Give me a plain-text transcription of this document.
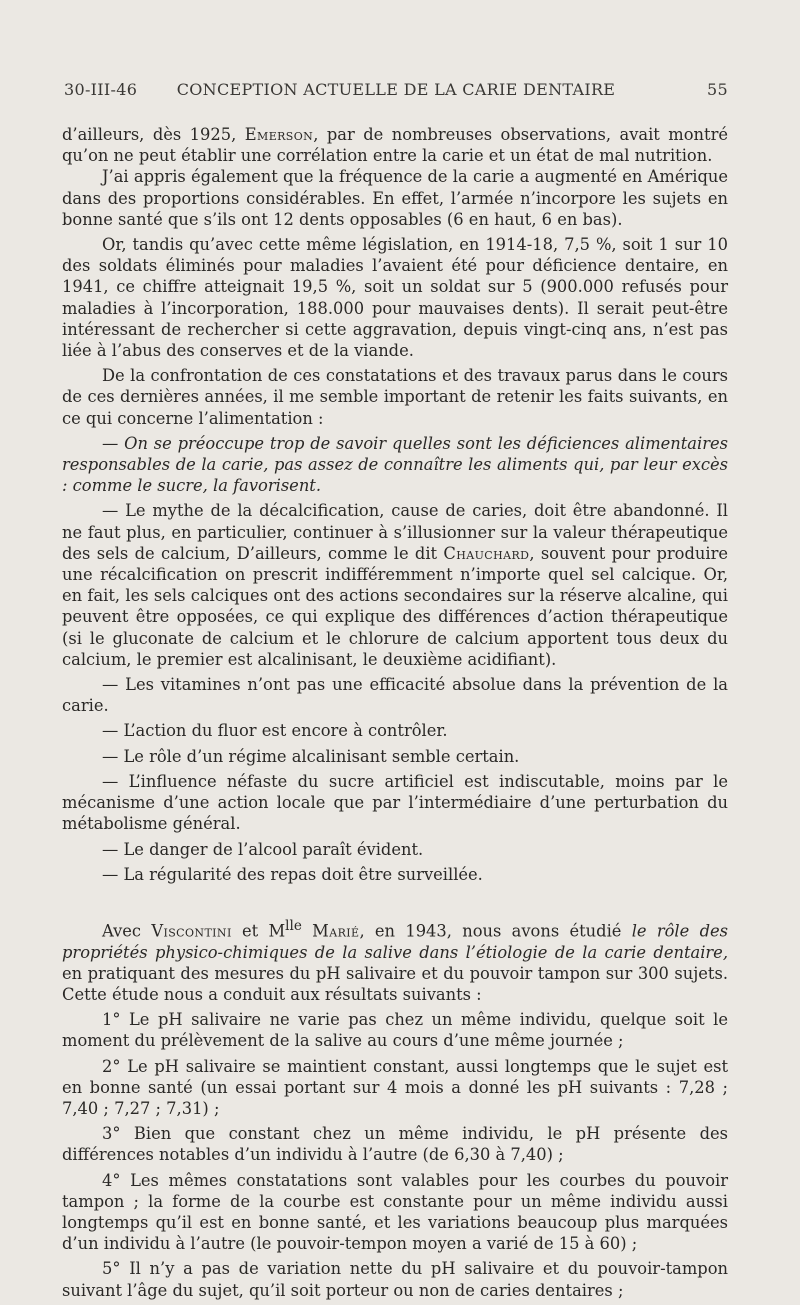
30-III-46	CONCEPTION ACTUELLE DE LA CARIE DENTAIRE	55

d’ailleurs, dès 1925, Emerson, par de nombreuses observations, avait montré qu’on ne peut établir une corrélation entre la carie et un état de mal nutrition.

J’ai appris également que la fréquence de la carie a augmenté en Amérique dans des proportions considérables. En effet, l’armée n’incorpore les sujets en bonne santé que s’ils ont 12 dents opposables (6 en haut, 6 en bas).

Or, tandis qu’avec cette même législation, en 1914-18, 7,5 %, soit 1 sur 10 des soldats éliminés pour maladies l’avaient été pour déficience dentaire, en 1941, ce chiffre atteignait 19,5 %, soit un soldat sur 5 (900.000 refusés pour maladies à l’incorporation, 188.000 pour mauvaises dents). Il serait peut-être intéressant de rechercher si cette aggravation, depuis vingt-cinq ans, n’est pas liée à l’abus des conserves et de la viande.

De la confrontation de ces constatations et des travaux parus dans le cours de ces dernières années, il me semble important de retenir les faits suivants, en ce qui concerne l’alimentation :

— On se préoccupe trop de savoir quelles sont les déficiences alimentaires responsables de la carie, pas assez de connaître les aliments qui, par leur excès : comme le sucre, la favorisent.

— Le mythe de la décalcification, cause de caries, doit être abandonné. Il ne faut plus, en particulier, continuer à s’illusionner sur la valeur thérapeutique des sels de calcium, D’ailleurs, comme le dit Chauchard, souvent pour produire une récalcification on prescrit indifféremment n’importe quel sel calcique. Or, en fait, les sels calciques ont des actions secondaires sur la réserve alcaline, qui peuvent être opposées, ce qui explique des différences d’action thérapeutique (si le gluconate de calcium et le chlorure de calcium apportent tous deux du calcium, le premier est alcalinisant, le deuxième acidifiant).

— Les vitamines n’ont pas une efficacité absolue dans la prévention de la carie.

— L’action du fluor est encore à contrôler.

— Le rôle d’un régime alcalinisant semble certain.

— L’influence néfaste du sucre artificiel est indiscutable, moins par le mécanisme d’une action locale que par l’intermédiaire d’une perturbation du métabolisme général.

— Le danger de l’alcool paraît évident.

— La régularité des repas doit être surveillée.

Avec Viscontini et $M^{lle}$ Marié, en 1943, nous avons étudié le rôle des propriétés physico-chimiques de la salive dans l’étiologie de la carie dentaire, en pratiquant des mesures du pH salivaire et du pouvoir tampon sur 300 sujets. Cette étude nous a conduit aux résultats suivants :

1° Le pH salivaire ne varie pas chez un même individu, quelque soit le moment du prélèvement de la salive au cours d’une même journée ;

2° Le pH salivaire se maintient constant, aussi longtemps que le sujet est en bonne santé (un essai portant sur 4 mois a donné les pH suivants : 7,28 ; 7,40 ; 7,27 ; 7,31) ;

3° Bien que constant chez un même individu, le pH présente des différences notables d’un individu à l’autre (de 6,30 à 7,40) ;

4° Les mêmes constatations sont valables pour les courbes du pouvoir tampon ; la forme de la courbe est constante pour un même individu aussi longtemps qu’il est en bonne santé, et les variations beaucoup plus marquées d’un individu à l’autre (le pouvoir-tempon moyen a varié de 15 à 60) ;

5° Il n’y a pas de variation nette du pH salivaire et du pouvoir-tampon suivant l’âge du sujet, qu’il soit porteur ou non de caries dentaires ;
